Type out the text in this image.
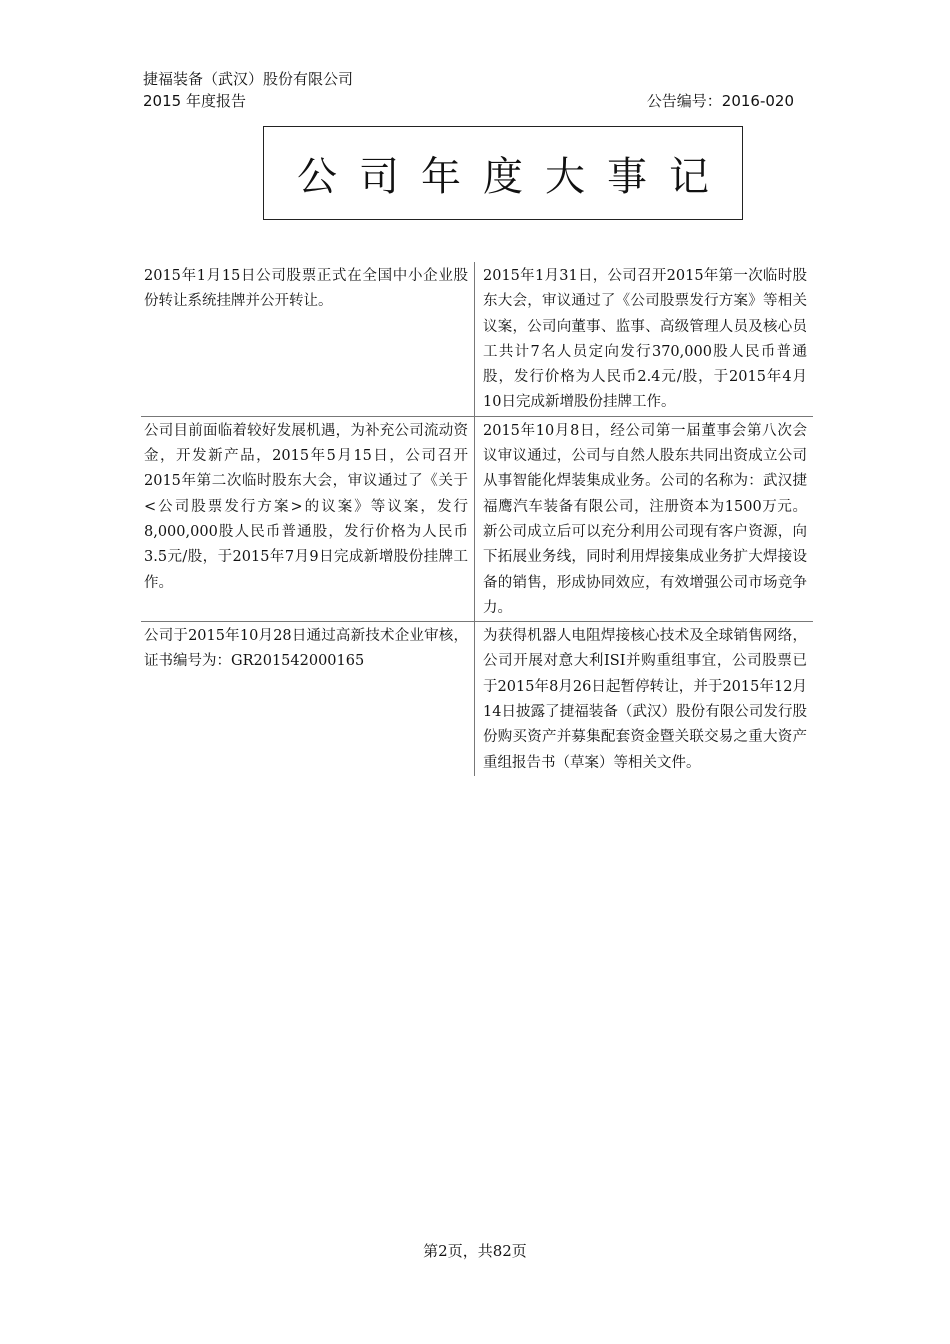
捷福装备（武汉）股份有限公司
2015 年度报告	公告编号：2016-020
公司年度大事记
2015年1月15日公司股票正式在全国中小企业股份转让系统挂牌并公开转让。	2015年1月31日，公司召开2015年第一次临时股东大会，审议通过了《公司股票发行方案》等相关议案，公司向董事、监事、高级管理人员及核心员工共计7名人员定向发行370,000股人民币普通股，发行价格为人民币2.4元/股，于2015年4月10日完成新增股份挂牌工作。
公司目前面临着较好发展机遇，为补充公司流动资金，开发新产品，2015年5月15日，公司召开2015年第二次临时股东大会，审议通过了《关于<公司股票发行方案>的议案》等议案，发行8,000,000股人民币普通股，发行价格为人民币3.5元/股，于2015年7月9日完成新增股份挂牌工作。	2015年10月8日，经公司第一届董事会第八次会议审议通过，公司与自然人股东共同出资成立公司从事智能化焊装集成业务。公司的名称为：武汉捷福鹰汽车装备有限公司，注册资本为1500万元。新公司成立后可以充分利用公司现有客户资源，向下拓展业务线，同时利用焊接集成业务扩大焊接设备的销售，形成协同效应，有效增强公司市场竞争力。
公司于2015年10月28日通过高新技术企业审核，证书编号为：GR201542000165	为获得机器人电阻焊接核心技术及全球销售网络，公司开展对意大利ISI并购重组事宜，公司股票已于2015年8月26日起暂停转让，并于2015年12月14日披露了捷福装备（武汉）股份有限公司发行股份购买资产并募集配套资金暨关联交易之重大资产重组报告书（草案）等相关文件。
第2页，共82页
